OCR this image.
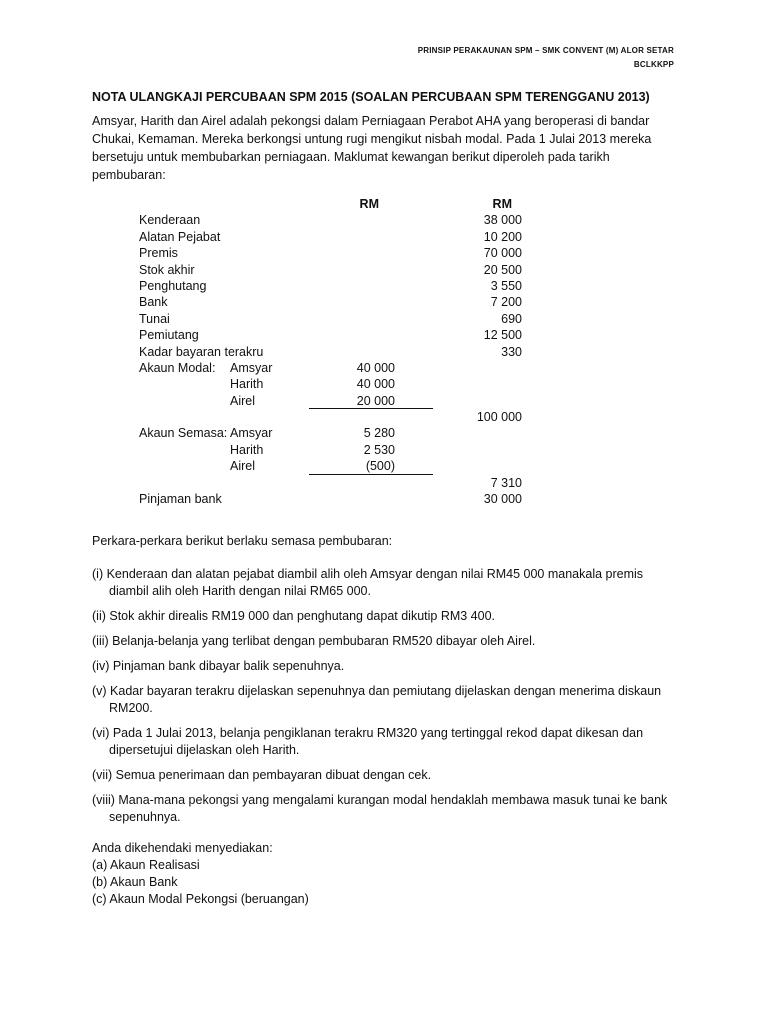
PRINSIP PERAKAUNAN SPM – SMK CONVENT (M) ALOR SETAR
BCLKKPP
NOTA ULANGKAJI PERCUBAAN SPM 2015 (SOALAN PERCUBAAN SPM TERENGGANU 2013)
Amsyar, Harith dan Airel adalah pekongsi dalam Perniagaan Perabot AHA yang beroperasi di bandar Chukai, Kemaman. Mereka berkongsi untung rugi mengikut nisbah modal. Pada 1 Julai 2013 mereka bersetuju untuk membubarkan perniagaan. Maklumat kewangan berikut diperoleh pada tarikh pembubaran:
RM	RM
Kenderaan	38 000
Alatan Pejabat	10 200
Premis	70 000
Stok akhir	20 500
Penghutang	3 550
Bank	7 200
Tunai	690
Pemiutang	12 500
Kadar bayaran terakru	330
Akaun Modal: Amsyar	40 000
Harith	40 000
Airel	20 000
100 000
Akaun Semasa: Amsyar	5 280
Harith	2 530
Airel	(500)
7 310
Pinjaman bank	30 000
Perkara-perkara berikut berlaku semasa pembubaran:
(i) Kenderaan dan alatan pejabat diambil alih oleh Amsyar dengan nilai RM45 000 manakala premis diambil alih oleh Harith dengan nilai RM65 000.
(ii) Stok akhir direalis RM19 000 dan penghutang dapat dikutip RM3 400.
(iii) Belanja-belanja yang terlibat dengan pembubaran RM520 dibayar oleh Airel.
(iv) Pinjaman bank dibayar balik sepenuhnya.
(v) Kadar bayaran terakru dijelaskan sepenuhnya dan pemiutang dijelaskan dengan menerima diskaun RM200.
(vi) Pada 1 Julai 2013, belanja pengiklanan terakru RM320 yang tertinggal rekod dapat dikesan dan dipersetujui dijelaskan oleh Harith.
(vii) Semua penerimaan dan pembayaran dibuat dengan cek.
(viii) Mana-mana pekongsi yang mengalami kurangan modal hendaklah membawa masuk tunai ke bank sepenuhnya.
Anda dikehendaki menyediakan:
(a) Akaun Realisasi
(b) Akaun Bank
(c) Akaun Modal Pekongsi (beruangan)
